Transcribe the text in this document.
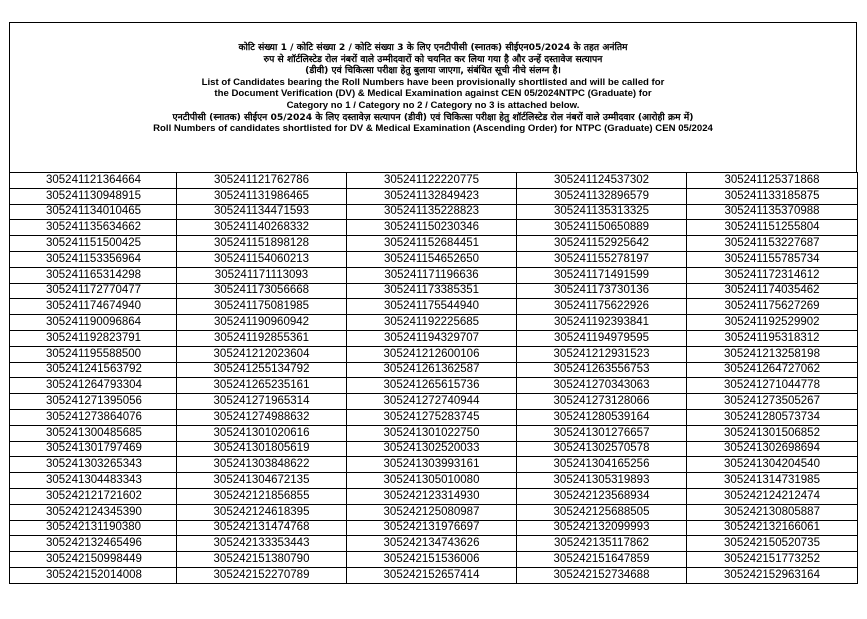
कोटि संख्या 1 / कोटि संख्या 2 / कोटि संख्या 3 के लिए एनटीपीसी (स्नातक) सीईएन05/2024 के तहत अनंतिम
रुप से शॉर्टलिस्टेड रोल नंबरों वाले उम्मीदवारों को चयनित कर लिया गया है और उन्हें दस्तावेज सत्यापन
(डीवी) एवं चिकित्सा परीक्षा हेतु बुलाया जाएगा, संबंधित सूची नीचे संलग्न है।
List of Candidates bearing the Roll Numbers have been provisionally shortlisted and will be called for
the Document Verification (DV) & Medical Examination against CEN 05/2024NTPC (Graduate) for
Category no 1 / Category no 2 / Category no 3 is attached below.
एनटीपीसी (स्नातक) सीईएन 05/2024 के लिए दस्तावेज़ सत्यापन (डीवी) एवं चिकित्सा परीक्षा हेतु शॉर्टलिस्टेड रोल नंबरों वाले उम्मीदवार (आरोही क्रम में)
Roll Numbers of candidates shortlisted for DV & Medical Examination (Ascending Order) for NTPC (Graduate) CEN 05/2024
305241121364664	305241121762786	305241122220775	305241124537302	305241125371868
305241130948915	305241131986465	305241132849423	305241132896579	305241133185875
305241134010465	305241134471593	305241135228823	305241135313325	305241135370988
305241135634662	305241140268332	305241150230346	305241150650889	305241151255804
305241151500425	305241151898128	305241152684451	305241152925642	305241153227687
305241153356964	305241154060213	305241154652650	305241155278197	305241155785734
305241165314298	305241171113093	305241171196636	305241171491599	305241172314612
305241172770477	305241173056668	305241173385351	305241173730136	305241174035462
305241174674940	305241175081985	305241175544940	305241175622926	305241175627269
305241190096864	305241190960942	305241192225685	305241192393841	305241192529902
305241192823791	305241192855361	305241194329707	305241194979595	305241195318312
305241195588500	305241212023604	305241212600106	305241212931523	305241213258198
305241241563792	305241255134792	305241261362587	305241263556753	305241264727062
305241264793304	305241265235161	305241265615736	305241270343063	305241271044778
305241271395056	305241271965314	305241272740944	305241273128066	305241273505267
305241273864076	305241274988632	305241275283745	305241280539164	305241280573734
305241300485685	305241301020616	305241301022750	305241301276657	305241301506852
305241301797469	305241301805619	305241302520033	305241302570578	305241302698694
305241303265343	305241303848622	305241303993161	305241304165256	305241304204540
305241304483343	305241304672135	305241305010080	305241305319893	305241314731985
305242121721602	305242121856855	305242123314930	305242123568934	305242124212474
305242124345390	305242124618395	305242125080987	305242125688505	305242130805887
305242131190380	305242131474768	305242131976697	305242132099993	305242132166061
305242132465496	305242133353443	305242134743626	305242135117862	305242150520735
305242150998449	305242151380790	305242151536006	305242151647859	305242151773252
305242152014008	305242152270789	305242152657414	305242152734688	305242152963164
